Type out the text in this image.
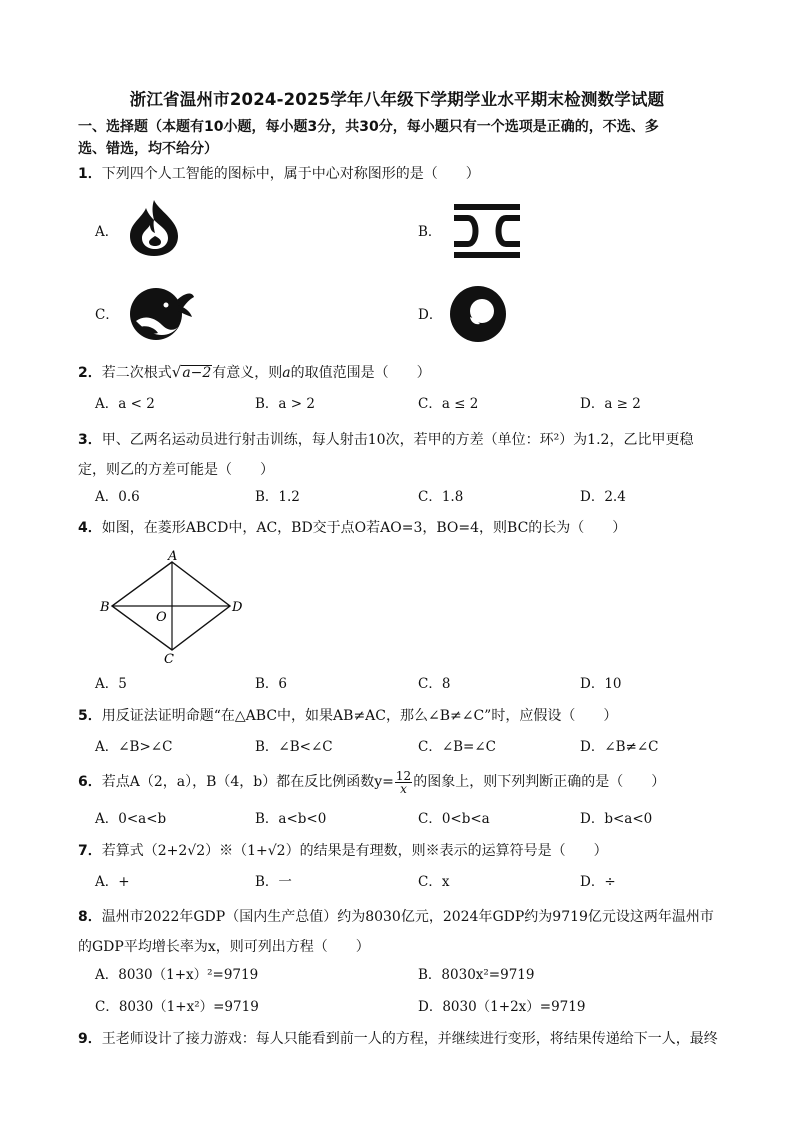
浙江省温州市2024-2025学年八年级下学期学业水平期末检测数学试题
一、选择题（本题有10小题，每小题3分，共30分，每小题只有一个选项是正确的，不选、多
选、错选，均不给分）
1．下列四个人工智能的图标中，属于中心对称图形的是（　　）
A．	B．
C．	D．
2．若二次根式√a−2有意义，则a的取值范围是（　　）
A．a < 2	B．a > 2	C．a ≤ 2	D．a ≥ 2
3．甲、乙两名运动员进行射击训练，每人射击10次，若甲的方差（单位：环²）为1.2，乙比甲更稳
定，则乙的方差可能是（　　）
A．0.6	B．1.2	C．1.8	D．2.4
4．如图，在菱形ABCD中，AC，BD交于点O若AO=3，BO=4，则BC的长为（　　）
A
B
C
D
O
A．5	B．6	C．8	D．10
5．用反证法证明命题“在△ABC中，如果AB≠AC，那么∠B≠∠C”时，应假设（　　）
A．∠B>∠C	B．∠B<∠C	C．∠B=∠C	D．∠B≠∠C
6．若点A（2，a），B（4，b）都在反比例函数$y= \frac{12}{x}$ 的图象上，则下列判断正确的是（　　）
A．0<a<b	B．a<b<0	C．0<b<a	D．b<a<0
7．若算式（2+2√2）※（1+√2）的结果是有理数，则※表示的运算符号是（　　）
A．+	B．一	C．x	D．÷
8．温州市2022年GDP（国内生产总值）约为8030亿元，2024年GDP约为9719亿元设这两年温州市
的GDP平均增长率为x，则可列出方程（　　）
A．8030（1+x）²=9719	B．8030x²=9719
C．8030（1+x²）=9719	D．8030（1+2x）=9719
9．王老师设计了接力游戏：每人只能看到前一人的方程，并继续进行变形，将结果传递给下一人，最终
